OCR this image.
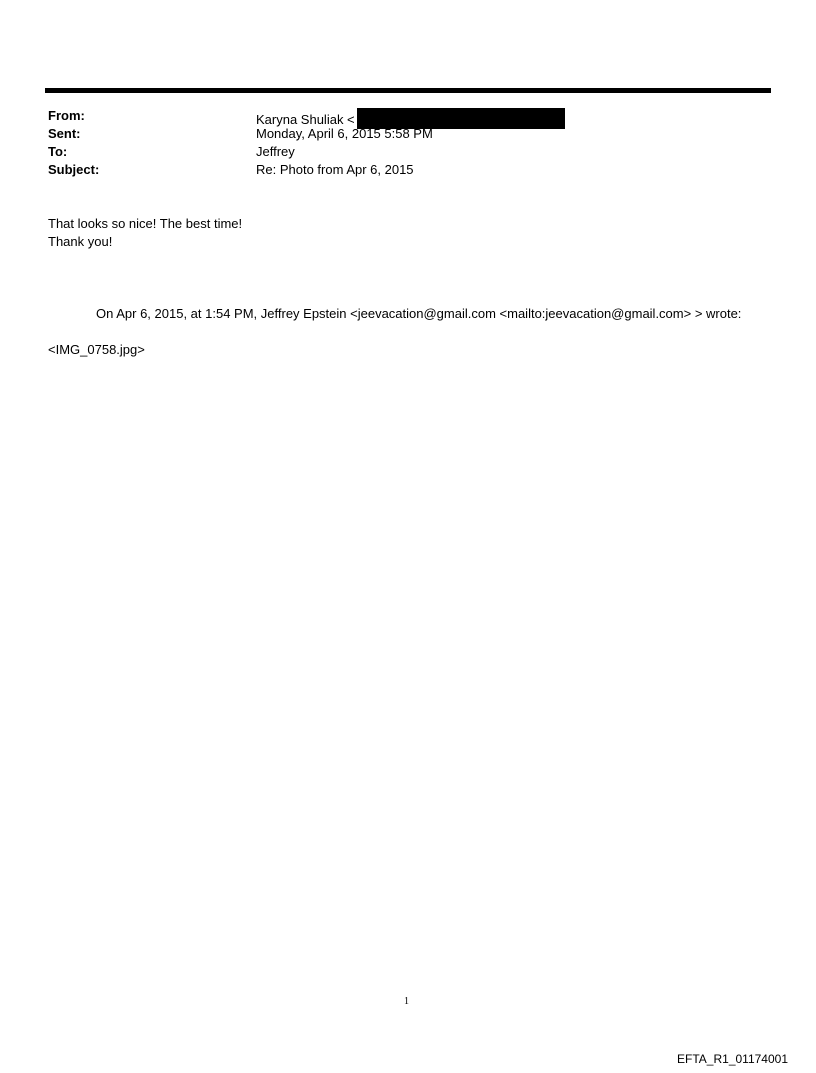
From:	Karyna Shuliak <
Sent:	Monday, April 6, 2015 5:58 PM
To:	Jeffrey
Subject:	Re: Photo from Apr 6, 2015
That looks so nice! The best time!
Thank you!
On Apr 6, 2015, at 1:54 PM, Jeffrey Epstein <jeevacation@gmail.com <mailto:jeevacation@gmail.com> > wrote:
<IMG_0758.jpg>
1
EFTA_R1_01174001
